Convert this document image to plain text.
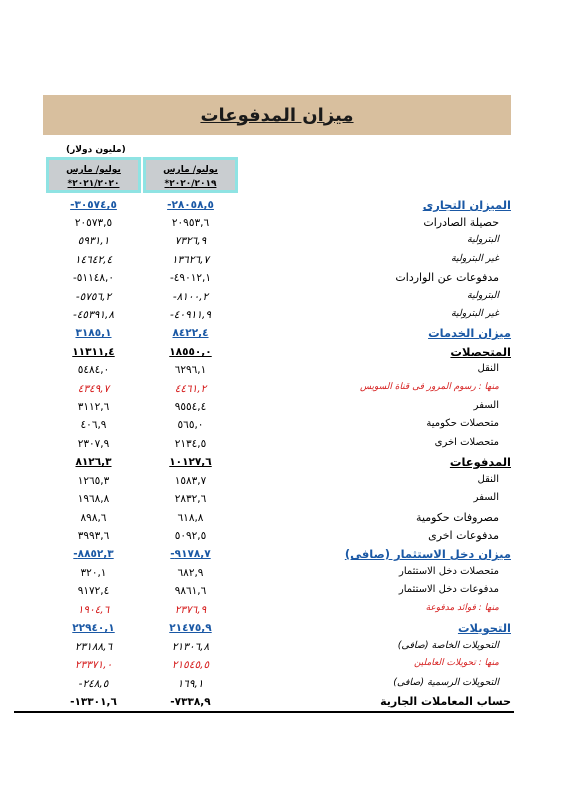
ميزان المدفوعات
(مليون دولار)
يوليو/ مارس
*٢٠٢١/٢٠٢٠
يوليو/ مارس
*٢٠٢٠/٢٠١٩
-٣٠٥٧٤,٥	-٢٨٠٥٨,٥	الميزان التجارى
٢٠٥٧٣,٥	٢٠٩٥٣,٦	حصيلة الصادرات
٥٩٣١,١	٧٣٢٦,٩	البترولية
١٤٦٤٢,٤	١٣٦٢٦,٧	غير البترولية
-٥١١٤٨,٠	-٤٩٠١٢,١	مدفوعات عن الواردات
-٥٧٥٦,٢	-٨١٠٠,٢	البترولية
-٤٥٣٩١,٨	-٤٠٩١١,٩	غير البترولية
٣١٨٥,١	٨٤٢٢,٤	ميزان الخدمات
١١٣١١,٤	١٨٥٥٠,٠	المتحصلات
٥٤٨٤,٠	٦٢٩٦,١	النقل
٤٣٤٩,٧	٤٤٦١,٢	منها : رسوم المرور فى قناة السويس
٣١١٢,٦	٩٥٥٤,٤	السفر
٤٠٦,٩	٥٦٥,٠	متحصلات حكومية
٢٣٠٧,٩	٢١٣٤,٥	متحصلات اخرى
٨١٢٦,٣	١٠١٢٧,٦	المدفوعات
١٢٦٥,٣	١٥٨٣,٧	النقل
١٩٦٨,٨	٢٨٣٢,٦	السفر
٨٩٨,٦	٦١٨,٨	مصروفات حكومية
٣٩٩٣,٦	٥٠٩٢,٥	مدفوعات اخرى
-٨٨٥٢,٣	-٩١٧٨,٧	ميزان دخل الاستثمار (صافى)
٣٢٠,١	٦٨٢,٩	متحصلات دخل الاستثمار
٩١٧٢,٤	٩٨٦١,٦	مدفوعات دخل الاستثمار
١٩٠٤,٦	٢٣٧٦,٩	منها : فوائد مدفوعة
٢٢٩٤٠,١	٢١٤٧٥,٩	التحويلات
٢٣١٨٨,٦	٢١٣٠٦,٨	التحويلات الخاصة (صافى)
٢٣٣٧١,٠	٢١٥٤٥,٥	منها : تحويلات العاملين
-٢٤٨,٥	١٦٩,١	التحويلات الرسمية (صافى)
-١٣٣٠١,٦	-٧٣٣٨,٩	حساب المعاملات الجارية
